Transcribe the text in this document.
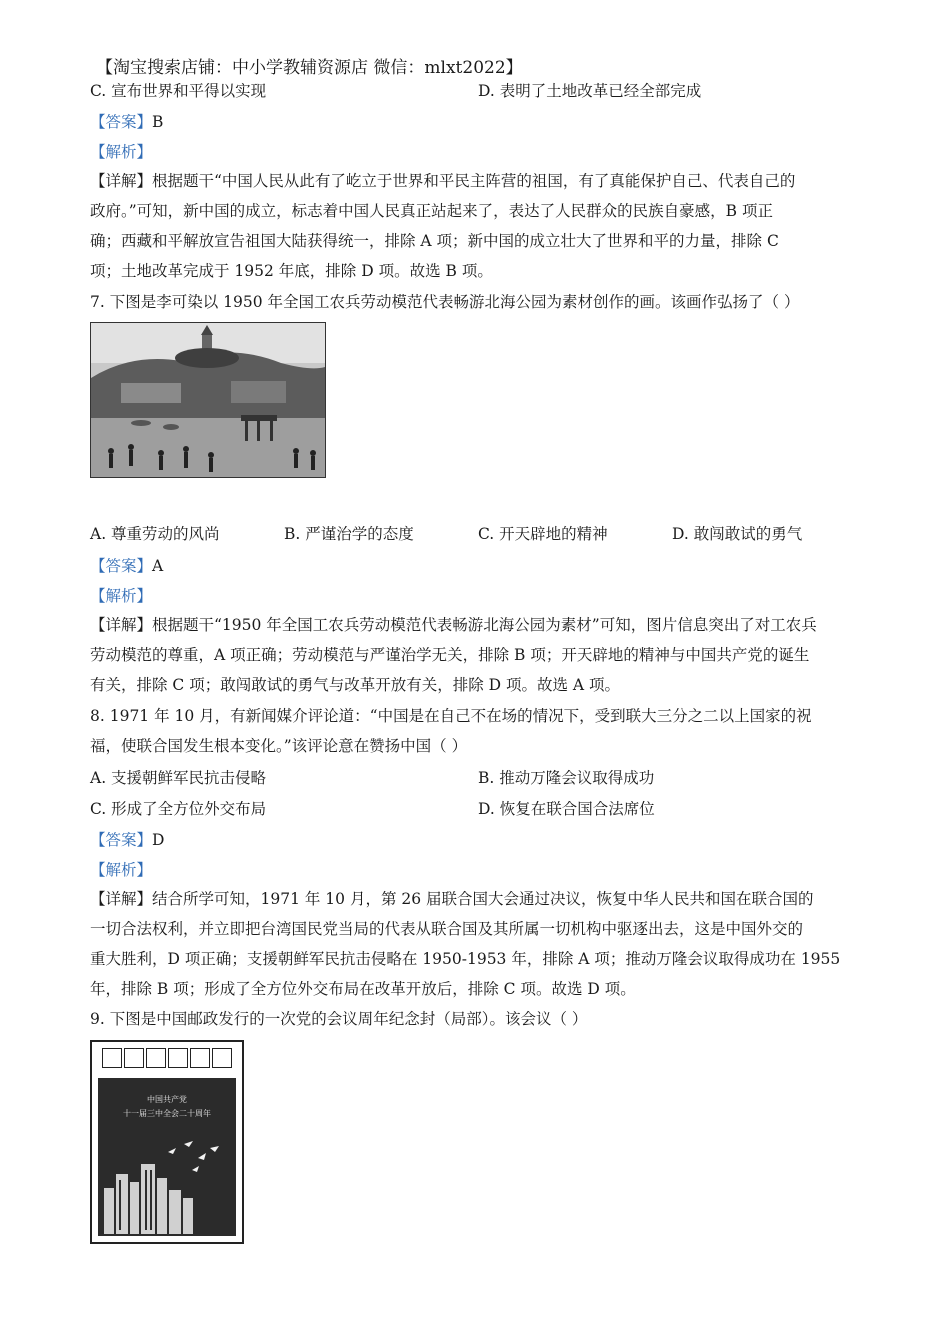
【淘宝搜索店铺：中小学教辅资源店 微信：mlxt2022】
C. 宣布世界和平得以实现	D. 表明了土地改革已经全部完成
【答案】B
【解析】
【详解】根据题干“中国人民从此有了屹立于世界和平民主阵营的祖国，有了真能保护自己、代表自己的
政府。”可知，新中国的成立，标志着中国人民真正站起来了，表达了人民群众的民族自豪感，B 项正
确；西藏和平解放宣告祖国大陆获得统一，排除 A 项；新中国的成立壮大了世界和平的力量，排除 C
项；土地改革完成于 1952 年底，排除 D 项。故选 B 项。
7. 下图是李可染以 1950 年全国工农兵劳动模范代表畅游北海公园为素材创作的画。该画作弘扬了（ ）
A. 尊重劳动的风尚	B. 严谨治学的态度	C. 开天辟地的精神	D. 敢闯敢试的勇气
【答案】A
【解析】
【详解】根据题干“1950 年全国工农兵劳动模范代表畅游北海公园为素材”可知，图片信息突出了对工农兵
劳动模范的尊重，A 项正确；劳动模范与严谨治学无关，排除 B 项；开天辟地的精神与中国共产党的诞生
有关，排除 C 项；敢闯敢试的勇气与改革开放有关，排除 D 项。故选 A 项。
8. 1971 年 10 月，有新闻媒介评论道：“中国是在自己不在场的情况下，受到联大三分之二以上国家的祝
福，使联合国发生根本变化。”该评论意在赞扬中国（ ）
A. 支援朝鲜军民抗击侵略	B. 推动万隆会议取得成功
C. 形成了全方位外交布局	D. 恢复在联合国合法席位
【答案】D
【解析】
【详解】结合所学可知，1971 年 10 月，第 26 届联合国大会通过决议，恢复中华人民共和国在联合国的
一切合法权利，并立即把台湾国民党当局的代表从联合国及其所属一切机构中驱逐出去，这是中国外交的
重大胜利，D 项正确；支援朝鲜军民抗击侵略在 1950-1953 年，排除 A 项；推动万隆会议取得成功在 1955
年，排除 B 项；形成了全方位外交布局在改革开放后，排除 C 项。故选 D 项。
9. 下图是中国邮政发行的一次党的会议周年纪念封（局部）。该会议（ ）
中国共产党
十一届三中全会二十周年
